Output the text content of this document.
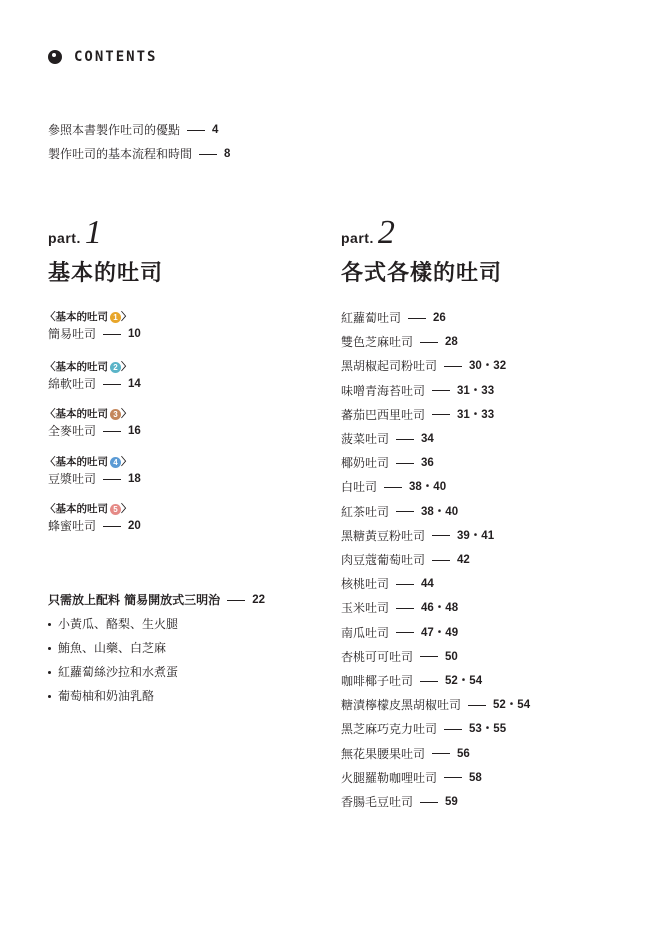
CONTENTS
參照本書製作吐司的優點	4
製作吐司的基本流程和時間	8
part. 1
基本的吐司
〈基本的吐司 1 〉
簡易吐司	10
〈基本的吐司 2 〉
綿軟吐司	14
〈基本的吐司 3 〉
全麥吐司	16
〈基本的吐司 4 〉
豆漿吐司	18
〈基本的吐司 5 〉
蜂蜜吐司	20
只需放上配料 簡易開放式三明治	22
小黃瓜、酪梨、生火腿
鮪魚、山藥、白芝麻
紅蘿蔔絲沙拉和水煮蛋
葡萄柚和奶油乳酪
part. 2
各式各樣的吐司
紅蘿蔔吐司	26
雙色芝麻吐司	28
黑胡椒起司粉吐司	30・32
味噌青海苔吐司	31・33
蕃茄巴西里吐司	31・33
菠菜吐司	34
椰奶吐司	36
白吐司	38・40
紅茶吐司	38・40
黑糖黃豆粉吐司	39・41
肉豆蔻葡萄吐司	42
核桃吐司	44
玉米吐司	46・48
南瓜吐司	47・49
杏桃可可吐司	50
咖啡椰子吐司	52・54
糖漬檸檬皮黑胡椒吐司	52・54
黑芝麻巧克力吐司	53・55
無花果腰果吐司	56
火腿羅勒咖哩吐司	58
香腸毛豆吐司	59
